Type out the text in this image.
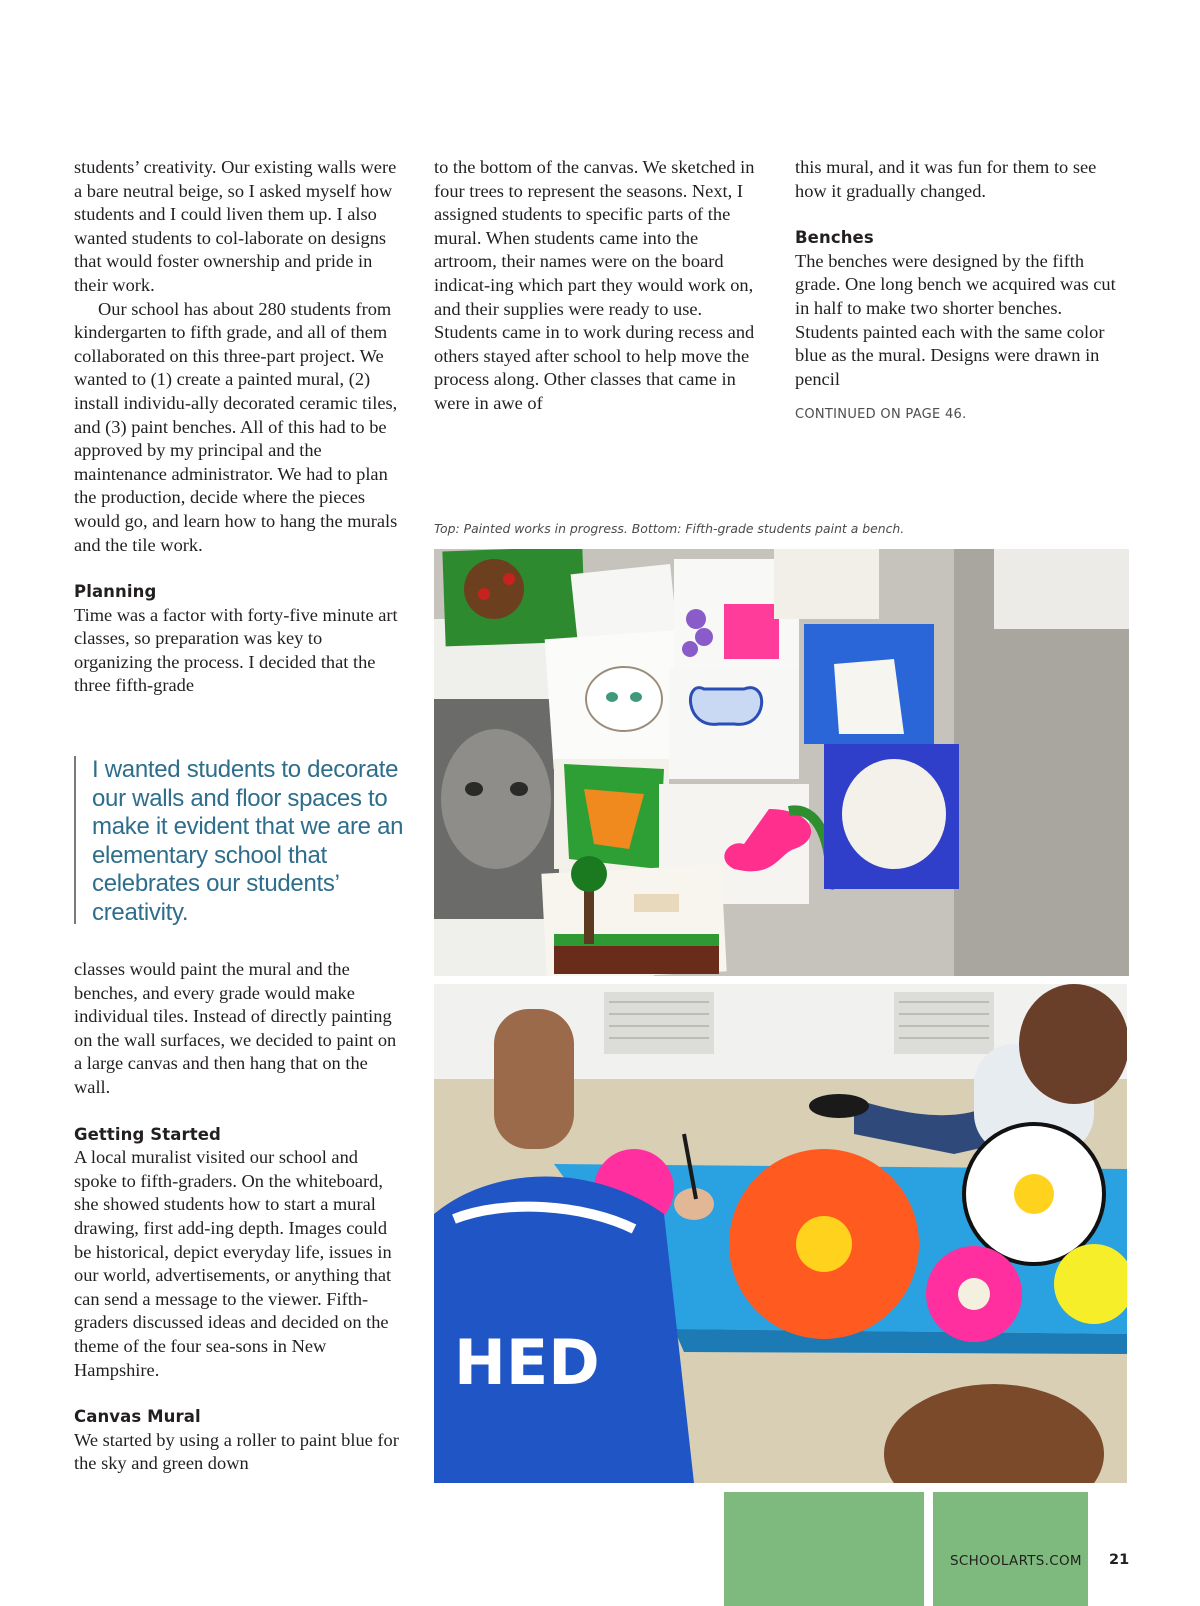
students’ creativity. Our existing walls were a bare neutral beige, so I asked myself how students and I could liven them up. I also wanted students to col-laborate on designs that would foster ownership and pride in their work.

Our school has about 280 students from kindergarten to fifth grade, and all of them collaborated on this three-part project. We wanted to (1) create a painted mural, (2) install individu-ally decorated ceramic tiles, and (3) paint benches. All of this had to be approved by my principal and the maintenance administrator. We had to plan the production, decide where the pieces would go, and learn how to hang the murals and the tile work.

Planning

Time was a factor with forty-five minute art classes, so preparation was key to organizing the process. I decided that the three fifth-grade

I wanted students to decorate our walls and floor spaces to make it evident that we are an elementary school that celebrates our students’ creativity.

classes would paint the mural and the benches, and every grade would make individual tiles. Instead of directly painting on the wall surfaces, we decided to paint on a large canvas and then hang that on the wall.

Getting Started

A local muralist visited our school and spoke to fifth-graders. On the whiteboard, she showed students how to start a mural drawing, first add-ing depth. Images could be historical, depict everyday life, issues in our world, advertisements, or anything that can send a message to the viewer. Fifth-graders discussed ideas and decided on the theme of the four sea-sons in New Hampshire.

Canvas Mural

We started by using a roller to paint blue for the sky and green down

to the bottom of the canvas. We sketched in four trees to represent the seasons. Next, I assigned students to specific parts of the mural. When students came into the artroom, their names were on the board indicat-ing which part they would work on, and their supplies were ready to use. Students came in to work during recess and others stayed after school to help move the process along. Other classes that came in were in awe of

this mural, and it was fun for them to see how it gradually changed.

Benches

The benches were designed by the fifth grade. One long bench we acquired was cut in half to make two shorter benches. Students painted each with the same color blue as the mural. Designs were drawn in pencil

CONTINUED ON PAGE 46.

Top: Painted works in progress. Bottom: Fifth-grade students paint a bench.
HED
SCHOOLARTS.COM 21
